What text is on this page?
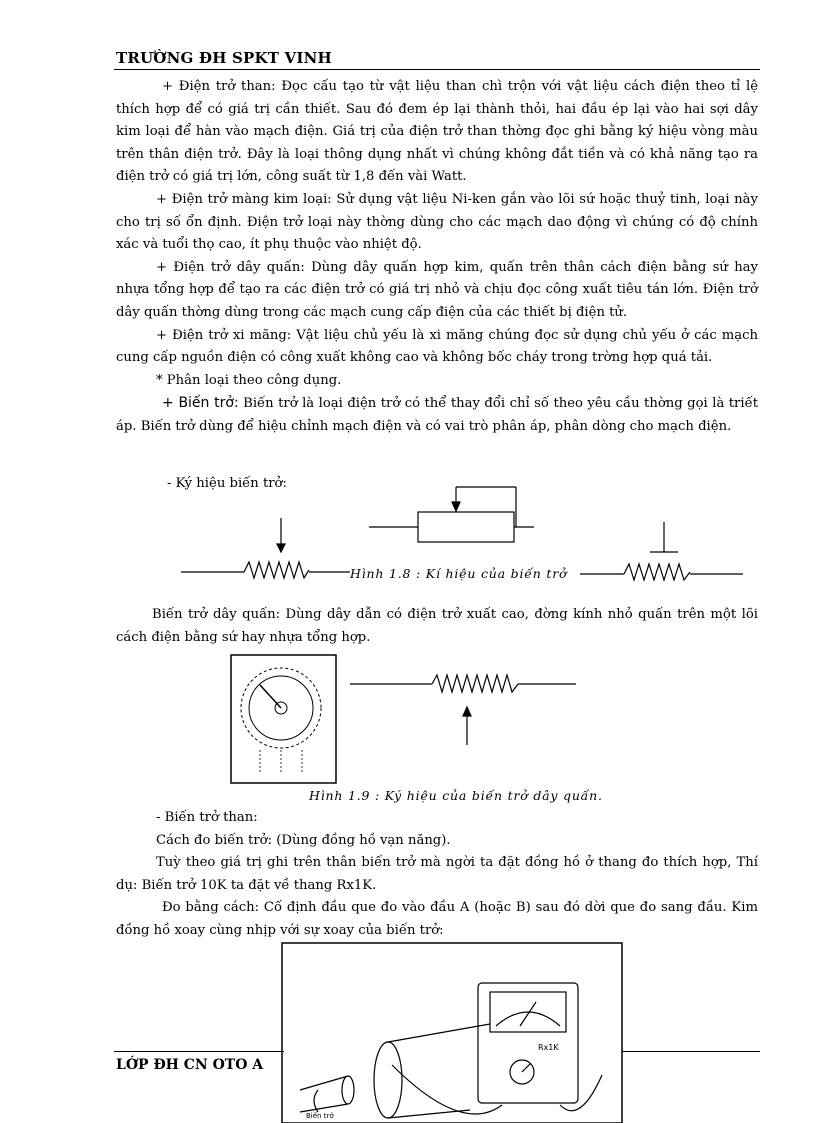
TRƯỜNG ĐH SPKT VINH

+ Điện trở than: Đọc cấu tạo từ vật liệu than chì trộn với vật liệu cách điện theo tỉ lệ thích hợp để có giá trị cần thiết. Sau đó đem ép lại thành thỏi, hai đầu ép lại vào hai sợi dây kim loại để hàn vào mạch điện. Giá trị của điện trở than thờng đọc ghi bằng ký hiệu vòng màu trên thân điện trở. Đây là loại thông dụng nhất vì chúng không đắt tiền và có khả năng tạo ra điện trở có giá trị lớn, công suất từ 1,8 đến vài Watt.

+ Điện trở màng kim loại: Sử dụng vật liệu Ni-ken gắn vào lõi sứ hoặc thuỷ tinh, loại này cho trị số ổn định. Điện trở loại này thờng dùng cho các mạch dao động vì chúng có độ chính xác và tuổi thọ cao, ít phụ thuộc vào nhiệt độ.

+ Điện trở dây quấn: Dùng dây quấn hợp kim, quấn trên thân cách điện bằng sứ hay nhựa tổng hợp để tạo ra các điện trở có giá trị nhỏ và chịu đọc công xuất tiêu tán lớn. Điện trở dây quấn thờng dùng trong các mạch cung cấp điện của các thiết bị điện tử.

+ Điện trở xi măng: Vật liệu chủ yếu là xi măng chúng đọc sử dụng chủ yếu ở các mạch cung cấp nguồn điện có công xuất không cao và không bốc cháy trong trờng hợp quá tải.

* Phân loại theo công dụng.

+ Biến trở: Biến trở là loại điện trở có thể thay đổi chỉ số theo yêu cầu thờng gọi là triết áp. Biến trở dùng để hiệu chỉnh mạch điện và có vai trò phân áp, phân dòng cho mạch điện.

- Ký hiệu biến trở:
Hình 1.8 : Kí hiệu của biến trở

Biến trở dây quấn: Dùng dây dẫn có điện trở xuất cao, đờng kính nhỏ quấn trên một lõi cách điện bằng sứ hay nhựa tổng hợp.

Hình 1.9 : Ký hiệu của biến trở dây quấn.

- Biến trở than:

Cách đo biến trở: (Dùng đồng hồ vạn năng).

Tuỳ theo giá trị ghi trên thân biến trở mà ngời ta đặt đồng hồ ở thang đo thích hợp, Thí dụ: Biến trở 10K ta đặt về thang Rx1K.

Đo bằng cách: Cố định đầu que đo vào đầu A (hoặc B) sau đó dời que đo sang đầu. Kim đồng hồ xoay cùng nhịp với sự xoay của biến trở:

Rx1K
Biến trở
LỚP ĐH CN OTO A
